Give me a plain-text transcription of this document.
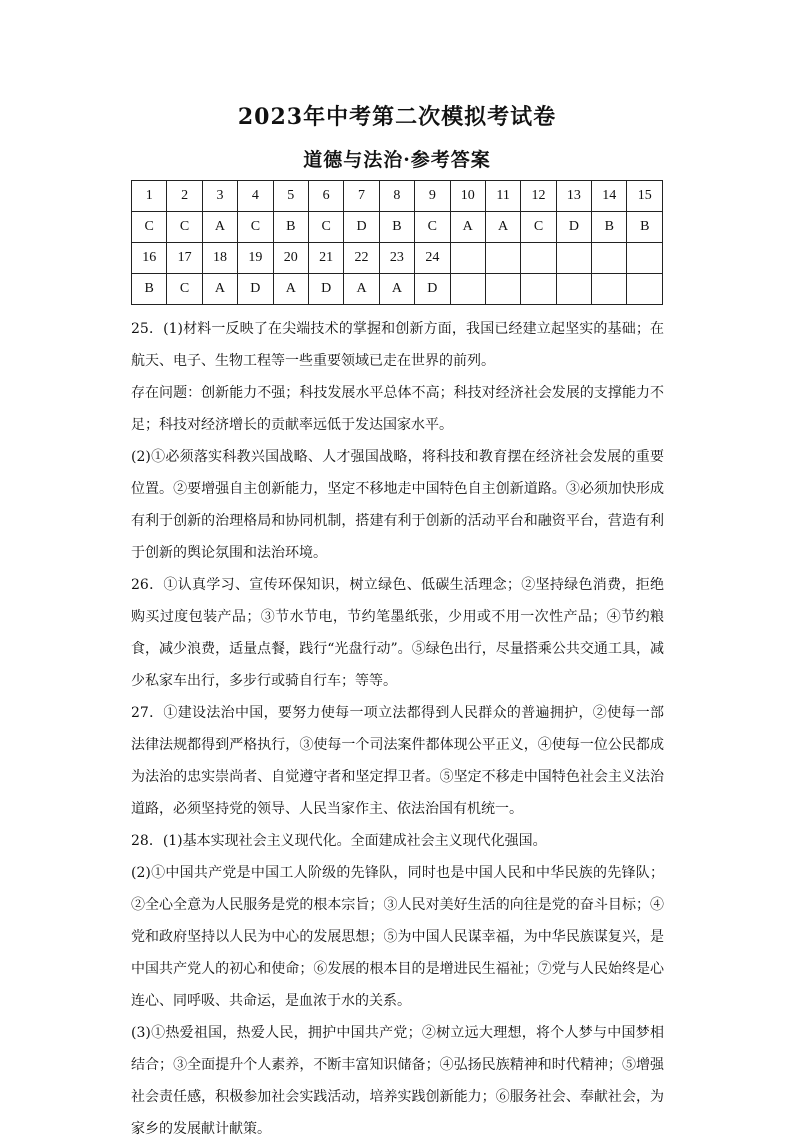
2023年中考第二次模拟考试卷
道德与法治·参考答案
1	2	3	4	5	6	7	8	9	10	11	12	13	14	15
C	C	A	C	B	C	D	B	C	A	A	C	D	B	B
16	17	18	19	20	21	22	23	24						
B	C	A	D	A	D	A	A	D						

25．(1)材料一反映了在尖端技术的掌握和创新方面，我国已经建立起坚实的基础；在航天、电子、生物工程等一些重要领域已走在世界的前列。

存在问题：创新能力不强；科技发展水平总体不高；科技对经济社会发展的支撑能力不足；科技对经济增长的贡献率远低于发达国家水平。

(2)①必须落实科教兴国战略、人才强国战略，将科技和教育摆在经济社会发展的重要位置。②要增强自主创新能力，坚定不移地走中国特色自主创新道路。③必须加快形成有利于创新的治理格局和协同机制，搭建有利于创新的活动平台和融资平台，营造有利于创新的舆论氛围和法治环境。

26．①认真学习、宣传环保知识，树立绿色、低碳生活理念；②坚持绿色消费，拒绝购买过度包装产品；③节水节电，节约笔墨纸张，少用或不用一次性产品；④节约粮食，减少浪费，适量点餐，践行“光盘行动”。⑤绿色出行，尽量搭乘公共交通工具，减少私家车出行，多步行或骑自行车；等等。

27．①建设法治中国，要努力使每一项立法都得到人民群众的普遍拥护，②使每一部法律法规都得到严格执行，③使每一个司法案件都体现公平正义，④使每一位公民都成为法治的忠实崇尚者、自觉遵守者和坚定捍卫者。⑤坚定不移走中国特色社会主义法治道路，必须坚持党的领导、人民当家作主、依法治国有机统一。

28．(1)基本实现社会主义现代化。全面建成社会主义现代化强国。

(2)①中国共产党是中国工人阶级的先锋队，同时也是中国人民和中华民族的先锋队；②全心全意为人民服务是党的根本宗旨；③人民对美好生活的向往是党的奋斗目标；④党和政府坚持以人民为中心的发展思想；⑤为中国人民谋幸福，为中华民族谋复兴，是中国共产党人的初心和使命；⑥发展的根本目的是增进民生福祉；⑦党与人民始终是心连心、同呼吸、共命运，是血浓于水的关系。

(3)①热爱祖国，热爱人民，拥护中国共产党；②树立远大理想，将个人梦与中国梦相结合；③全面提升个人素养，不断丰富知识储备；④弘扬民族精神和时代精神；⑤增强社会责任感，积极参加社会实践活动，培养实践创新能力；⑥服务社会、奉献社会，为家乡的发展献计献策。
